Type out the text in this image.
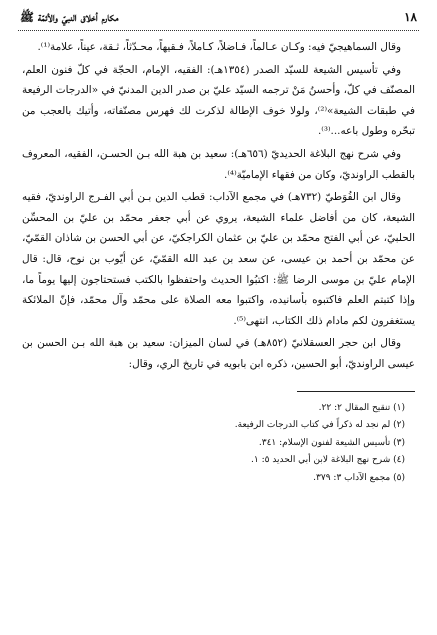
١٨
مكارم أخلاق النبيّ والأئمّة ﷺ

وقال السماهيجيّ فيه: وكـان عـالماً، فـاضلاً، كـاملاً، فـقيهاً، محـدّثاً، ثـقة، عيناً، علامة⁽¹⁾.

وفي تأسيس الشيعة للسيّد الصدر (١٣٥٤هـ): الفقيه، الإمام، الحجّة في كلّ فنون العلم، المصنّف في كلّ، وأحسنُ مَنْ ترجمه السيّد عليّ بن صدر الدين المدنيّ في «الدرجات الرفيعة في طبقات الشيعة»⁽²⁾، ولولا خوف الإطالة لذكرت لك فهرس مصنّفاته، وأتيك بالعجب من تبحّره وطول باعه...⁽³⁾.

وفي شرح نهج البلاغة الحديديّ (٦٥٦هـ): سعيد بن هبة الله بـن الحسـن، الفقيه، المعروف بالقطب الراونديّ، وكان من فقهاء الإماميّة⁽⁴⁾.

وقال ابن الفُوَطيّ (٧٣٢هـ) في مجمع الآداب: قطب الدين بـن أبي الفـرج الراونديّ، فقيه الشيعة، كان من أفاضل علماء الشيعة، يروي عن أبي جعفر محمّد بن عليّ بن المحسِّن الحلبيّ، عن أبي الفتح محمّد بن عليّ بن عثمان الكراجكيّ، عن أبي الحسن بن شاذان القمّيّ، عن محمّد بن أحمد بن عيسى، عن سعد بن عبد الله القمّيّ، عن أيّوب بن نوح، قال: قال الإمام عليّ بن موسى الرضا ﷺ: اكتبُوا الحديث واحتفظوا بالكتب فستحتاجون إليها يوماً ما، وإذا كتبتم العلم فاكتبوه بأسانيده، واكتبوا معه الصلاة على محمّد وآل محمّد، فإنّ الملائكة يستغفرون لكم مادام ذلك الكتاب، انتهى⁽⁵⁾.

وقال ابن حجر العسقلانيّ (٨٥٢هـ) في لسان الميزان: سعيد بن هبة الله بـن الحسن بن عيسى الراونديّ، أبو الحسين، ذكره ابن بابويه في تاريخ الري، وقال:

(١) تنقيح المقال ٢: ٢٢.
(٢) لم نجد له ذكراً في كتاب الدرجات الرفيعة.
(٣) تأسيس الشيعة لفنون الإسلام: ٣٤١.
(٤) شرح نهج البلاغة لابن أبي الحديد ٥: ١.
(٥) مجمع الآداب ٣: ٣٧٩.
